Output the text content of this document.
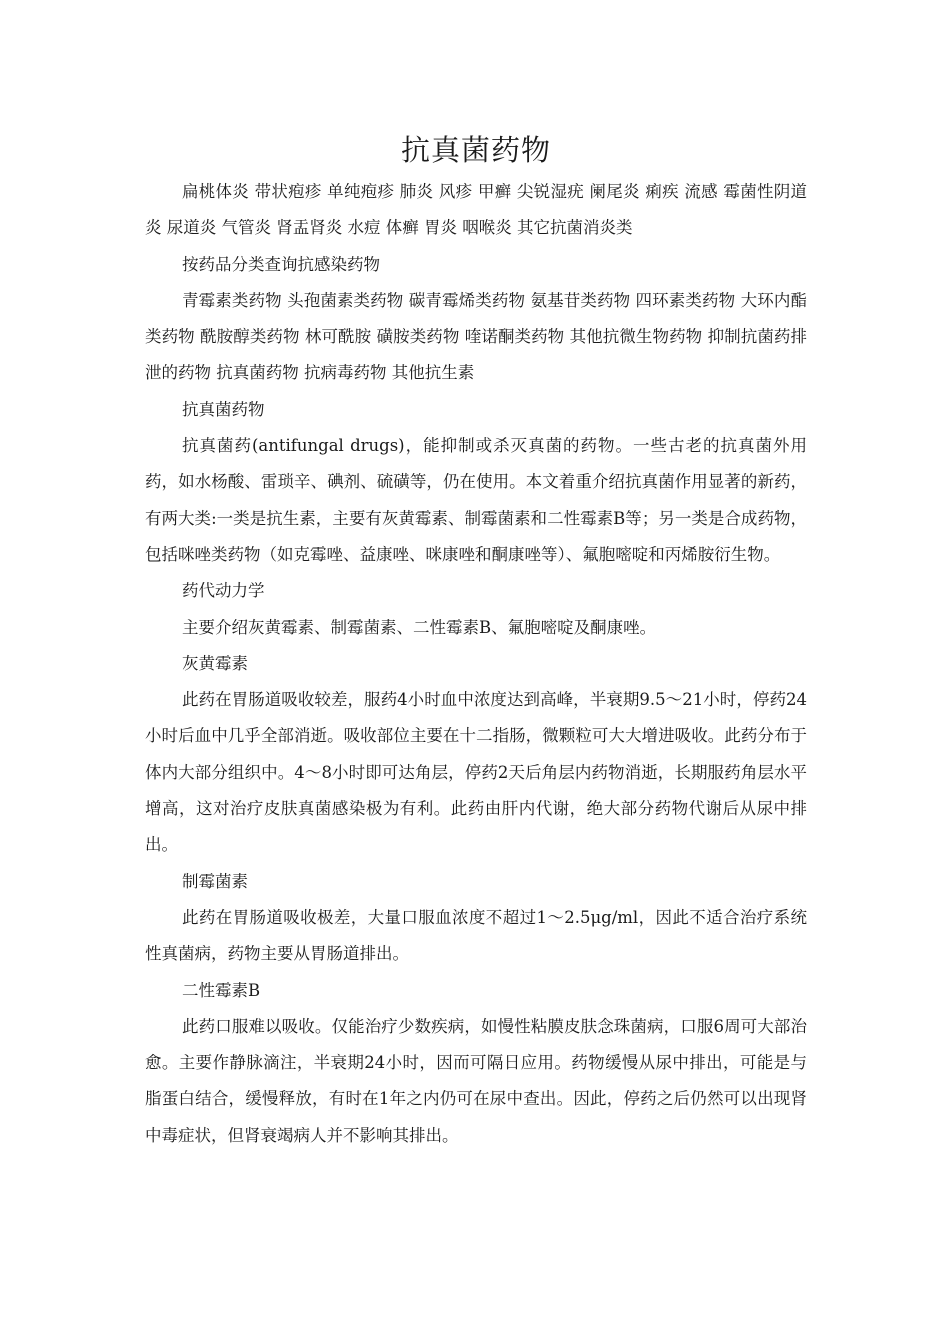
抗真菌药物

扁桃体炎 带状疱疹 单纯疱疹 肺炎 风疹 甲癣 尖锐湿疣 阑尾炎 痢疾 流感 霉菌性阴道炎 尿道炎 气管炎 肾盂肾炎 水痘 体癣 胃炎 咽喉炎 其它抗菌消炎类

按药品分类查询抗感染药物

青霉素类药物 头孢菌素类药物 碳青霉烯类药物 氨基苷类药物 四环素类药物 大环内酯类药物 酰胺醇类药物 林可酰胺 磺胺类药物 喹诺酮类药物 其他抗微生物药物 抑制抗菌药排泄的药物 抗真菌药物 抗病毒药物 其他抗生素

抗真菌药物

抗真菌药(antifungal drugs)，能抑制或杀灭真菌的药物。一些古老的抗真菌外用药，如水杨酸、雷琐辛、碘剂、硫磺等，仍在使用。本文着重介绍抗真菌作用显著的新药，有两大类:一类是抗生素，主要有灰黄霉素、制霉菌素和二性霉素B等；另一类是合成药物，包括咪唑类药物（如克霉唑、益康唑、咪康唑和酮康唑等）、氟胞嘧啶和丙烯胺衍生物。

药代动力学

主要介绍灰黄霉素、制霉菌素、二性霉素B、氟胞嘧啶及酮康唑。

灰黄霉素

此药在胃肠道吸收较差，服药4小时血中浓度达到高峰，半衰期9.5～21小时，停药24小时后血中几乎全部消逝。吸收部位主要在十二指肠，微颗粒可大大增进吸收。此药分布于体内大部分组织中。4～8小时即可达角层，停药2天后角层内药物消逝，长期服药角层水平增高，这对治疗皮肤真菌感染极为有利。此药由肝内代谢，绝大部分药物代谢后从尿中排出。

制霉菌素

此药在胃肠道吸收极差，大量口服血浓度不超过1～2.5μg/ml，因此不适合治疗系统性真菌病，药物主要从胃肠道排出。

二性霉素B

此药口服难以吸收。仅能治疗少数疾病，如慢性粘膜皮肤念珠菌病，口服6周可大部治愈。主要作静脉滴注，半衰期24小时，因而可隔日应用。药物缓慢从尿中排出，可能是与脂蛋白结合，缓慢释放，有时在1年之内仍可在尿中查出。因此，停药之后仍然可以出现肾中毒症状，但肾衰竭病人并不影响其排出。
